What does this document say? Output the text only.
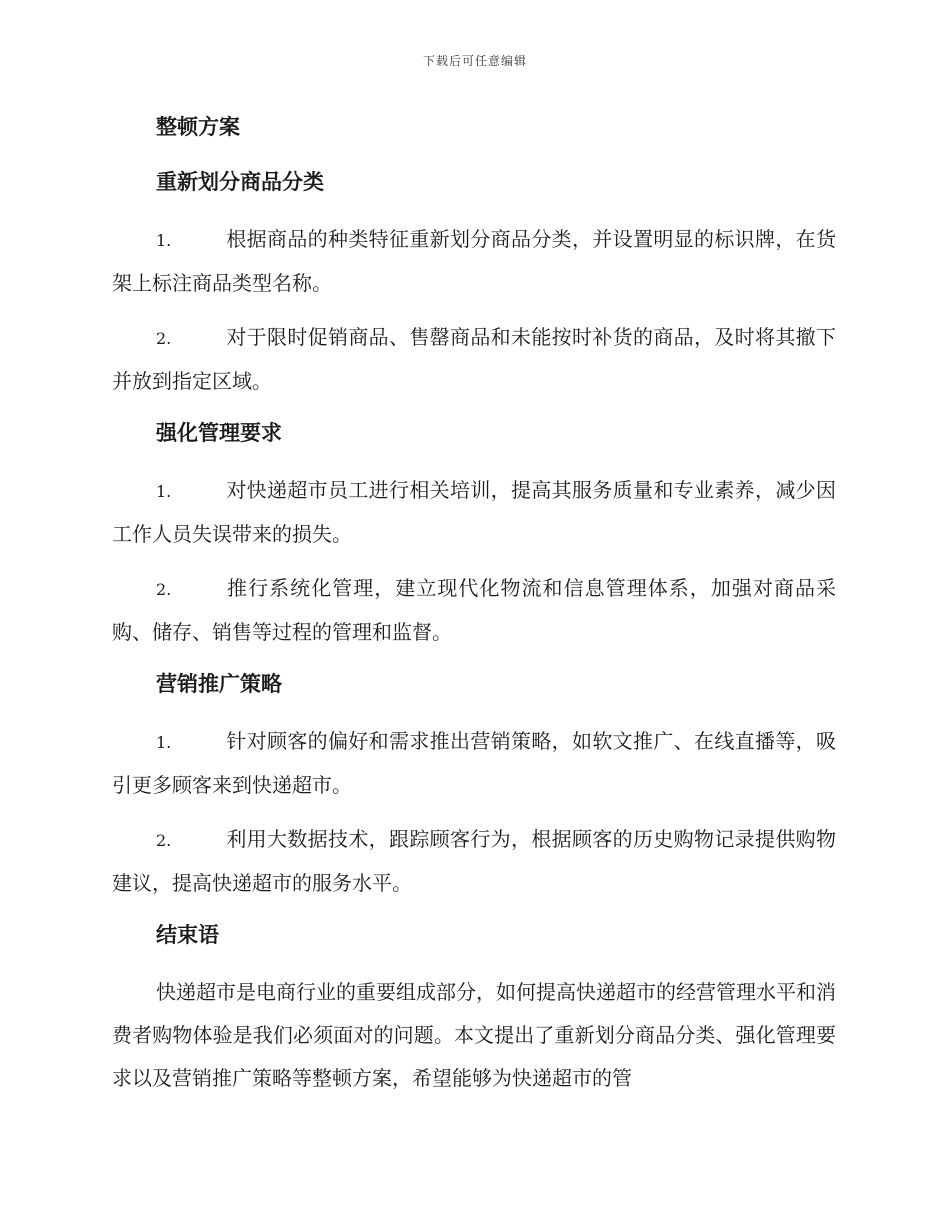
下载后可任意编辑
整顿方案
重新划分商品分类
1.	根据商品的种类特征重新划分商品分类，并设置明显的标识牌，在货架上标注商品类型名称。
2.	对于限时促销商品、售罄商品和未能按时补货的商品，及时将其撤下并放到指定区域。
强化管理要求
1.	对快递超市员工进行相关培训，提高其服务质量和专业素养，减少因工作人员失误带来的损失。
2.	推行系统化管理，建立现代化物流和信息管理体系，加强对商品采购、储存、销售等过程的管理和监督。
营销推广策略
1.	针对顾客的偏好和需求推出营销策略，如软文推广、在线直播等，吸引更多顾客来到快递超市。
2.	利用大数据技术，跟踪顾客行为，根据顾客的历史购物记录提供购物建议，提高快递超市的服务水平。
结束语
快递超市是电商行业的重要组成部分，如何提高快递超市的经营管理水平和消费者购物体验是我们必须面对的问题。本文提出了重新划分商品分类、强化管理要求以及营销推广策略等整顿方案，希望能够为快递超市的管
